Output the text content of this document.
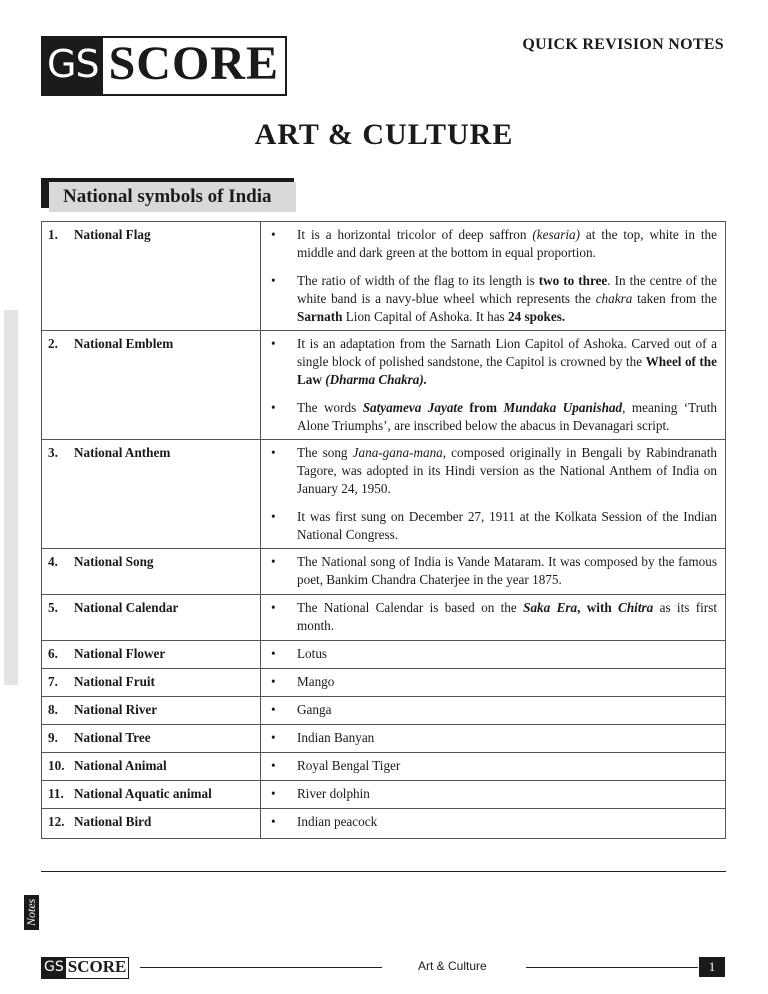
GS SCORE	QUICK REVISION NOTES
ART & CULTURE
National symbols of India
1. National Flag	• It is a horizontal tricolor of deep saffron (kesaria) at the top, white in the middle and dark green at the bottom in equal proportion.
• The ratio of width of the flag to its length is two to three. In the centre of the white band is a navy-blue wheel which represents the chakra taken from the Sarnath Lion Capital of Ashoka. It has 24 spokes.

2. National Emblem	• It is an adaptation from the Sarnath Lion Capitol of Ashoka. Carved out of a single block of polished sandstone, the Capitol is crowned by the Wheel of the Law (Dharma Chakra).
• The words Satyameva Jayate from Mundaka Upanishad, meaning ‘Truth Alone Triumphs’, are inscribed below the abacus in Devanagari script.

3. National Anthem	• The song Jana-gana-mana, composed originally in Bengali by Rabindranath Tagore, was adopted in its Hindi version as the National Anthem of India on January 24, 1950.
• It was first sung on December 27, 1911 at the Kolkata Session of the Indian National Congress.

4. National Song	• The National song of India is Vande Mataram. It was composed by the famous poet, Bankim Chandra Chaterjee in the year 1875.

5. National Calendar	• The National Calendar is based on the Saka Era, with Chitra as its first month.

6. National Flower	• Lotus

7. National Fruit	• Mango

8. National River	• Ganga

9. National Tree	• Indian Banyan

10. National Animal	• Royal Bengal Tiger

11. National Aquatic animal	• River dolphin

12. National Bird	• Indian peacock
Notes
GS SCORE	Art & Culture	1
